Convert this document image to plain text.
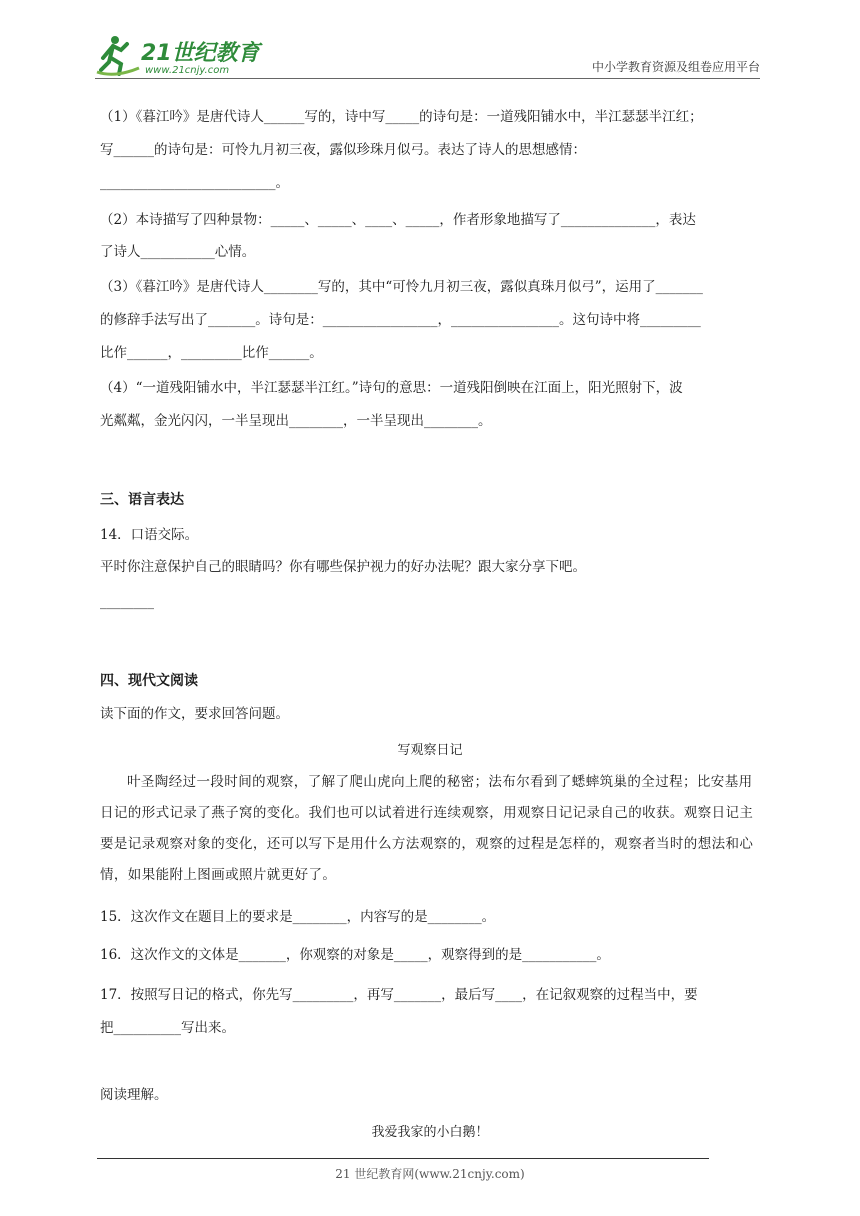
21世纪教育
www.21cnjy.com	中小学教育资源及组卷应用平台
（1）《暮江吟》是唐代诗人______写的，诗中写_____的诗句是：一道残阳铺水中，半江瑟瑟半江红；
写______的诗句是：可怜九月初三夜，露似珍珠月似弓。表达了诗人的思想感情：
__________________________。
（2）本诗描写了四种景物：_____、_____、____、_____，作者形象地描写了______________，表达
了诗人___________心情。
（3）《暮江吟》是唐代诗人________写的，其中“可怜九月初三夜，露似真珠月似弓”，运用了_______
的修辞手法写出了_______。诗句是：_________________，________________。这句诗中将_________
比作______，_________比作______。
（4）“一道残阳铺水中，半江瑟瑟半江红。”诗句的意思：一道残阳倒映在江面上，阳光照射下，波
光粼粼，金光闪闪，一半呈现出________，一半呈现出________。
三、语言表达
14．口语交际。
平时你注意保护自己的眼睛吗？你有哪些保护视力的好办法呢？跟大家分享下吧。
________
四、现代文阅读
读下面的作文，要求回答问题。
写观察日记
叶圣陶经过一段时间的观察，了解了爬山虎向上爬的秘密；法布尔看到了蟋蟀筑巢的全过程；比安基用日记的形式记录了燕子窝的变化。我们也可以试着进行连续观察，用观察日记记录自己的收获。观察日记主要是记录观察对象的变化，还可以写下是用什么方法观察的，观察的过程是怎样的，观察者当时的想法和心情，如果能附上图画或照片就更好了。
15．这次作文在题目上的要求是________，内容写的是________。
16．这次作文的文体是_______，你观察的对象是_____，观察得到的是___________。
17．按照写日记的格式，你先写_________，再写_______，最后写____，在记叙观察的过程当中，要
把__________写出来。
阅读理解。
我爱我家的小白鹅！
21 世纪教育网(www.21cnjy.com)
